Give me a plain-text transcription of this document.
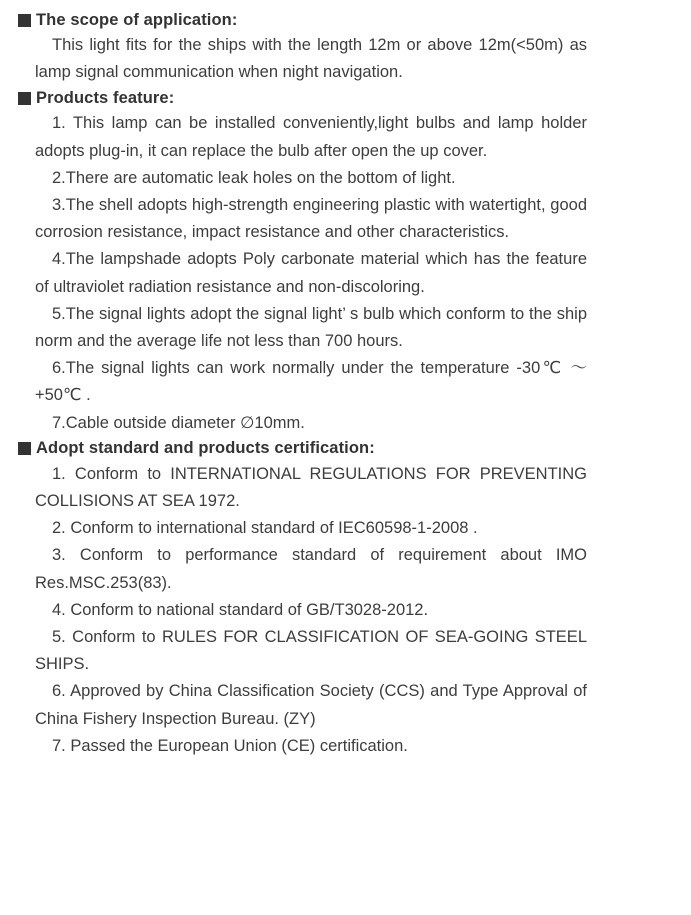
The scope of application:

This light fits for the ships with the length 12m or above 12m(<50m) as lamp signal communication when night navigation.

Products feature:

1. This lamp can be installed conveniently,light bulbs and lamp holder adopts plug-in, it can replace the bulb after open the up cover.

2.There are automatic leak holes on the bottom of light.

3.The shell adopts high-strength engineering plastic with watertight, good corrosion resistance, impact resistance and other characteristics.

4.The lampshade adopts Poly carbonate material which has the feature of ultraviolet radiation resistance and non-discoloring.

5.The signal lights adopt the signal light’ s bulb which conform to the ship norm and the average life not less than 700 hours.

6.The signal lights can work normally under the temperature -30℃ ～ +50℃ .

7.Cable outside diameter ∅10mm.

Adopt standard and products certification:

1. Conform to INTERNATIONAL REGULATIONS FOR PREVENTING COLLISIONS AT SEA 1972.

2. Conform to international standard of IEC60598-1-2008 .

3. Conform to performance standard of requirement about IMO Res.MSC.253(83).

4. Conform to national standard of GB/T3028-2012.

5. Conform to RULES FOR CLASSIFICATION OF SEA-GOING STEEL SHIPS.

6. Approved by China Classification Society (CCS) and Type Approval of China Fishery Inspection Bureau. (ZY)

7. Passed the European Union (CE) certification.
